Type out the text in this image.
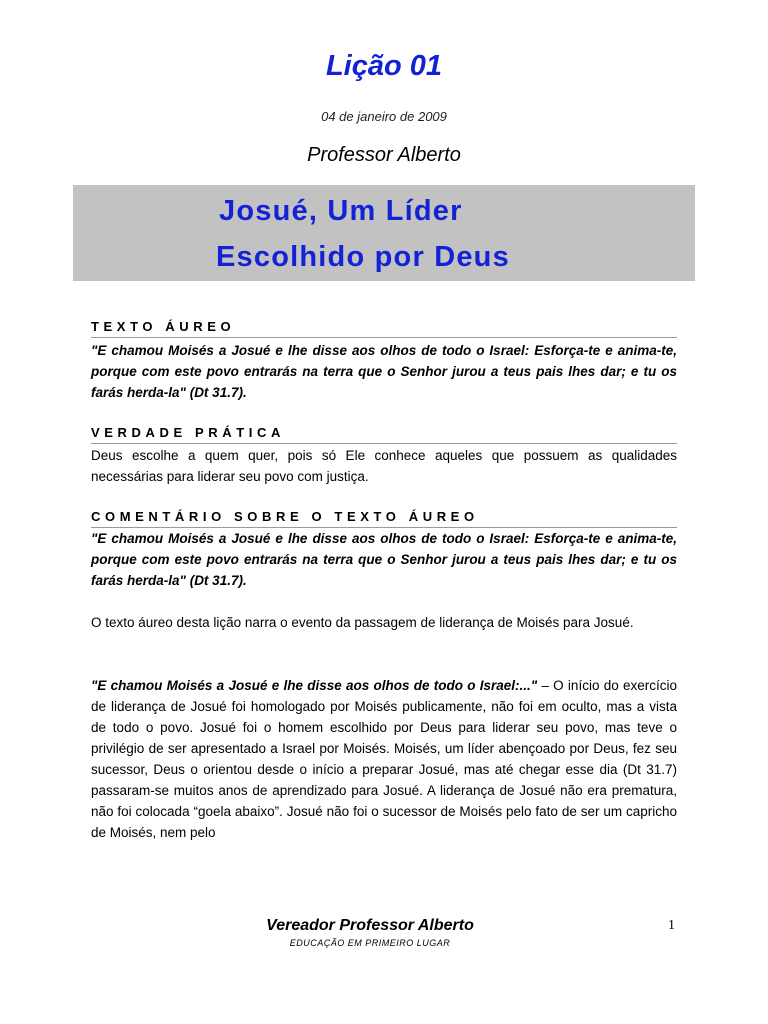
Lição 01
04 de janeiro de 2009
Professor Alberto
Josué, Um Líder
Escolhido por Deus
TEXTO ÁUREO
"E chamou Moisés a Josué e lhe disse aos olhos de todo o Israel: Esforça-te e anima-te, porque com este povo entrarás na terra que o Senhor jurou a teus pais lhes dar; e tu os farás herda-la" (Dt 31.7).
VERDADE PRÁTICA
Deus escolhe a quem quer, pois só Ele conhece aqueles que possuem as qualidades necessárias para liderar seu povo com justiça.
COMENTÁRIO SOBRE O TEXTO ÁUREO
"E chamou Moisés a Josué e lhe disse aos olhos de todo o Israel: Esforça-te e anima-te, porque com este povo entrarás na terra que o Senhor jurou a teus pais lhes dar; e tu os farás herda-la" (Dt 31.7).
O texto áureo desta lição narra o evento da passagem de liderança de Moisés para Josué.
"E chamou Moisés a Josué e lhe disse aos olhos de todo o Israel:..." – O início do exercício de liderança de Josué foi homologado por Moisés publicamente, não foi em oculto, mas a vista de todo o povo. Josué foi o homem escolhido por Deus para liderar seu povo, mas teve o privilégio de ser apresentado a Israel por Moisés. Moisés, um líder abençoado por Deus, fez seu sucessor, Deus o orientou desde o início a preparar Josué, mas até chegar esse dia (Dt 31.7) passaram-se muitos anos de aprendizado para Josué. A liderança de Josué não era prematura, não foi colocada “goela abaixo”. Josué não foi o sucessor de Moisés pelo fato de ser um capricho de Moisés, nem pelo
Vereador Professor Alberto
EDUCAÇÃO EM PRIMEIRO LUGAR
1
